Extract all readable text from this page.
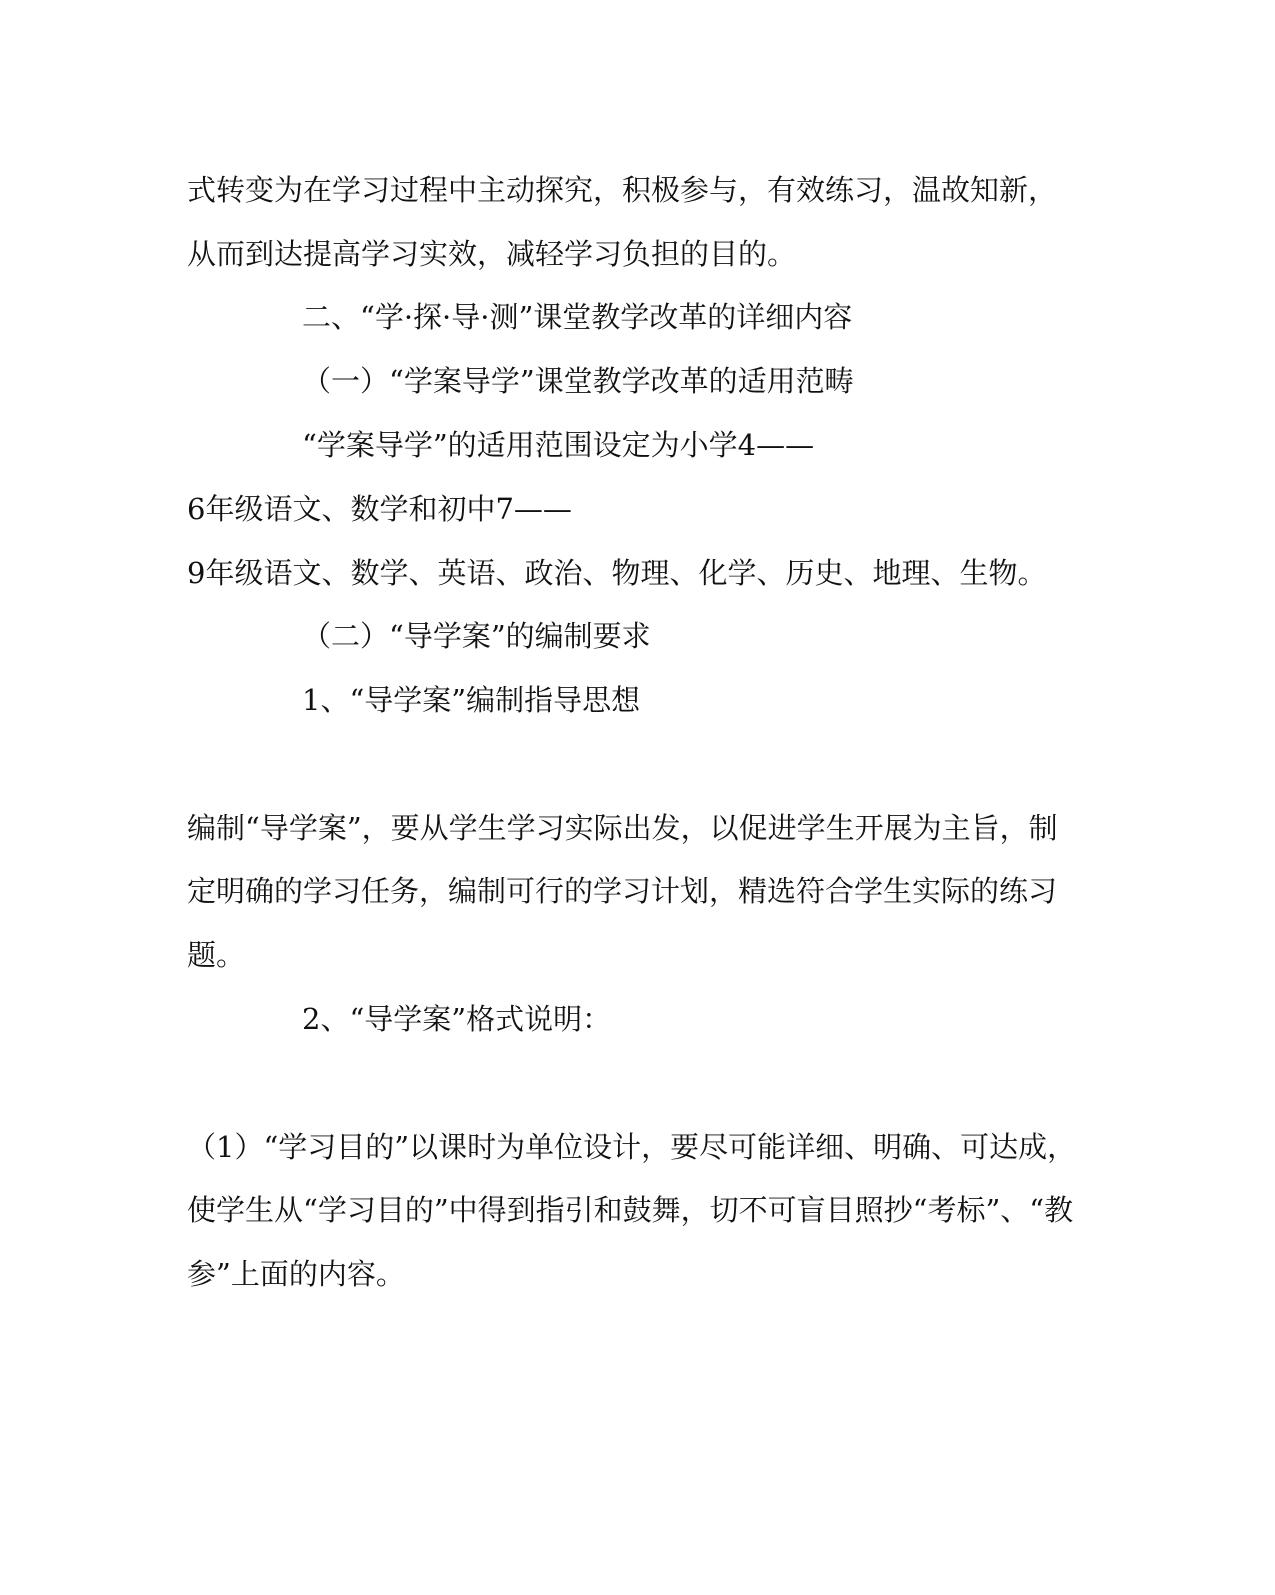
式转变为在学习过程中主动探究，积极参与，有效练习，温故知新，

从而到达提高学习实效，减轻学习负担的目的。

二、“学·探·导·测”课堂教学改革的详细内容

（一）“学案导学”课堂教学改革的适用范畴

“学案导学”的适用范围设定为小学4——

6年级语文、数学和初中7——

9年级语文、数学、英语、政治、物理、化学、历史、地理、生物。

（二）“导学案”的编制要求

1、“导学案”编制指导思想

编制“导学案”，要从学生学习实际出发，以促进学生开展为主旨，制

定明确的学习任务，编制可行的学习计划，精选符合学生实际的练习

题。

2、“导学案”格式说明：

（1）“学习目的”以课时为单位设计，要尽可能详细、明确、可达成，

使学生从“学习目的”中得到指引和鼓舞，切不可盲目照抄“考标”、“教

参”上面的内容。
